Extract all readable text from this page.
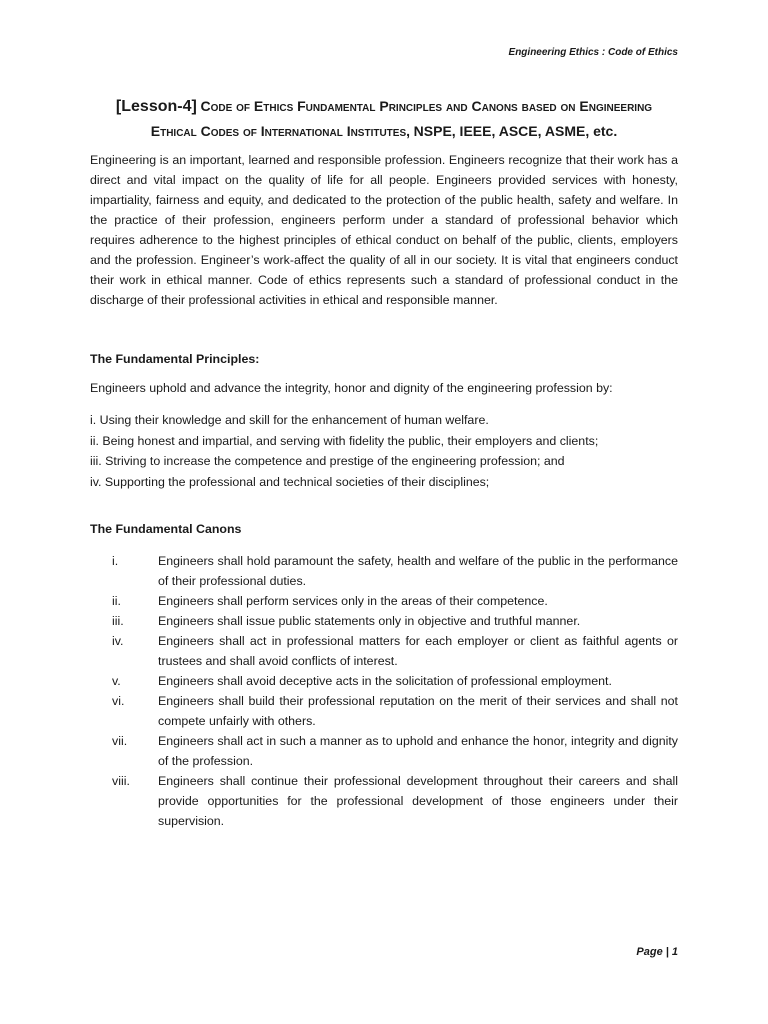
Engineering Ethics : Code of Ethics
[Lesson-4] Code of Ethics Fundamental Principles and Canons based on Engineering
Ethical Codes of International Institutes, NSPE, IEEE, ASCE, ASME, etc.

Engineering is an important, learned and responsible profession. Engineers recognize that their work has a direct and vital impact on the quality of life for all people. Engineers provided services with honesty, impartiality, fairness and equity, and dedicated to the protection of the public health, safety and welfare. In the practice of their profession, engineers perform under a standard of professional behavior which requires adherence to the highest principles of ethical conduct on behalf of the public, clients, employers and the profession. Engineer’s work-affect the quality of all in our society. It is vital that engineers conduct their work in ethical manner. Code of ethics represents such a standard of professional conduct in the discharge of their professional activities in ethical and responsible manner.

The Fundamental Principles:

Engineers uphold and advance the integrity, honor and dignity of the engineering profession by:

i. Using their knowledge and skill for the enhancement of human welfare.
ii. Being honest and impartial, and serving with fidelity the public, their employers and clients;
iii. Striving to increase the competence and prestige of the engineering profession; and
iv. Supporting the professional and technical societies of their disciplines;

The Fundamental Canons

i.	Engineers shall hold paramount the safety, health and welfare of the public in the performance of their professional duties.
ii.	Engineers shall perform services only in the areas of their competence.
iii.	Engineers shall issue public statements only in objective and truthful manner.
iv.	Engineers shall act in professional matters for each employer or client as faithful agents or trustees and shall avoid conflicts of interest.
v.	Engineers shall avoid deceptive acts in the solicitation of professional employment.
vi.	Engineers shall build their professional reputation on the merit of their services and shall not compete unfairly with others.
vii.	Engineers shall act in such a manner as to uphold and enhance the honor, integrity and dignity of the profession.
viii.	Engineers shall continue their professional development throughout their careers and shall provide opportunities for the professional development of those engineers under their supervision.
Page | 1
